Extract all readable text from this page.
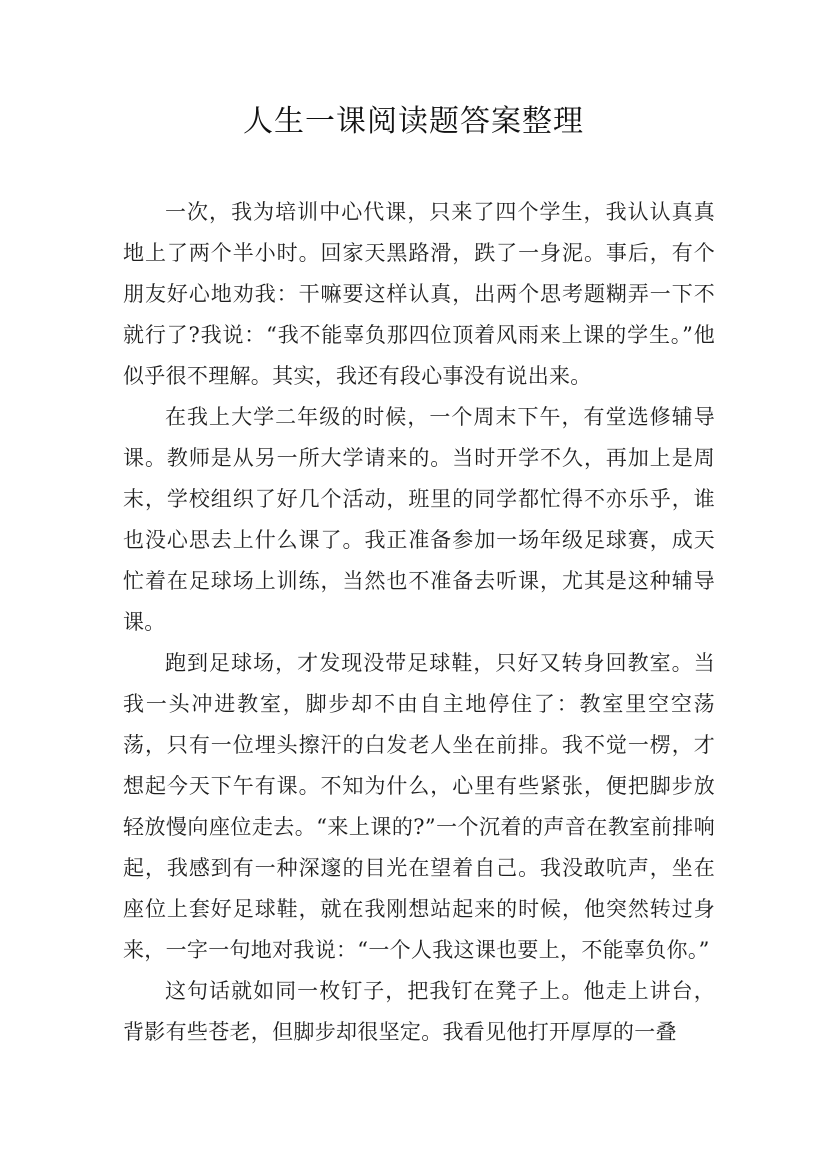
人生一课阅读题答案整理

一次，我为培训中心代课，只来了四个学生，我认认真真地上了两个半小时。回家天黑路滑，跌了一身泥。事后，有个朋友好心地劝我：干嘛要这样认真，出两个思考题糊弄一下不就行了?我说：“我不能辜负那四位顶着风雨来上课的学生。”他似乎很不理解。其实，我还有段心事没有说出来。

在我上大学二年级的时候，一个周末下午，有堂选修辅导课。教师是从另一所大学请来的。当时开学不久，再加上是周末，学校组织了好几个活动，班里的同学都忙得不亦乐乎，谁也没心思去上什么课了。我正准备参加一场年级足球赛，成天忙着在足球场上训练，当然也不准备去听课，尤其是这种辅导课。

跑到足球场，才发现没带足球鞋，只好又转身回教室。当我一头冲进教室，脚步却不由自主地停住了：教室里空空荡荡，只有一位埋头擦汗的白发老人坐在前排。我不觉一楞，才想起今天下午有课。不知为什么，心里有些紧张，便把脚步放轻放慢向座位走去。“来上课的?”一个沉着的声音在教室前排响起，我感到有一种深邃的目光在望着自己。我没敢吭声，坐在座位上套好足球鞋，就在我刚想站起来的时候，他突然转过身来，一字一句地对我说：“一个人我这课也要上，不能辜负你。”

这句话就如同一枚钉子，把我钉在凳子上。他走上讲台，背影有些苍老，但脚步却很坚定。我看见他打开厚厚的一叠
